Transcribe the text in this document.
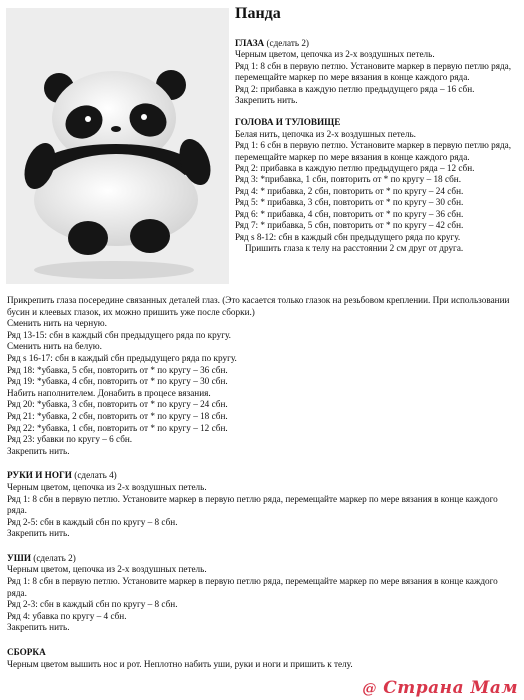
Панда
ГЛАЗА (сделать 2)
Черным цветом, цепочка из 2-х воздушных петель.
Ряд 1: 8 сбн в первую петлю. Установите маркер в первую петлю ряда, перемещайте маркер по мере вязания в конце каждого ряда.
Ряд 2: прибавка в каждую петлю предыдущего ряда – 16 сбн.
Закрепить нить.
ГОЛОВА И ТУЛОВИЩЕ
Белая нить, цепочка из 2-х воздушных петель.
Ряд 1: 6 сбн в первую петлю. Установите маркер в первую петлю ряда, перемещайте маркер по мере вязания в конце каждого ряда.
Ряд 2: прибавка в каждую петлю предыдущего ряда – 12 сбн.
Ряд 3: *прибавка, 1 сбн, повторить от * по кругу – 18 сбн.
Ряд 4: * прибавка, 2 сбн, повторить от * по кругу – 24 сбн.
Ряд 5: * прибавка, 3 сбн, повторить от * по кругу – 30 сбн.
Ряд 6: * прибавка, 4 сбн, повторить от * по кругу – 36 сбн.
Ряд 7: * прибавка, 5 сбн, повторить от * по кругу – 42 сбн.
Ряд s 8-12: сбн в каждый сбн предыдущего ряда по кругу.
Пришить глаза к телу на расстоянии 2 см друг от друга.
Прикрепить глаза посередине связанных деталей глаз. (Это касается только глазок на резьбовом креплении. При использовании бусин и клеевых глазок, их можно пришить уже после сборки.)
Сменить нить на черную.
Ряд 13-15: сбн в каждый сбн предыдущего ряда по кругу.
Сменить нить на белую.
Ряд s 16-17: сбн в каждый сбн предыдущего ряда по кругу.
Ряд 18: *убавка, 5 сбн, повторить от * по кругу – 36 сбн.
Ряд 19: *убавка, 4 сбн, повторить от * по кругу – 30 сбн.
Набить наполнителем. Донабить в процесе вязания.
Ряд 20: *убавка, 3 сбн, повторить от * по кругу – 24 сбн.
Ряд 21: *убавка, 2 сбн, повторить от * по кругу – 18 сбн.
Ряд 22: *убавка, 1 сбн, повторить от * по кругу – 12 сбн.
Ряд 23: убавки по кругу – 6 сбн.
Закрепить нить.
РУКИ И НОГИ (сделать 4)
Черным цветом, цепочка из 2-х воздушных петель.
Ряд 1: 8 сбн в первую петлю. Установите маркер в первую петлю ряда, перемещайте маркер по мере вязания в конце каждого ряда.
Ряд 2-5: сбн в каждый сбн по кругу – 8 сбн.
Закрепить нить.
УШИ (сделать 2)
Черным цветом, цепочка из 2-х воздушных петель.
Ряд 1: 8 сбн в первую петлю. Установите маркер в первую петлю ряда, перемещайте маркер по мере вязания в конце каждого ряда.
Ряд 2-3: сбн в каждый сбн по кругу – 8 сбн.
Ряд 4: убавка по кругу – 4 сбн.
Закрепить нить.
СБОРКА
Черным цветом вышить нос и рот. Неплотно набить уши, руки и ноги и пришить к телу.
@ Страна Мам
